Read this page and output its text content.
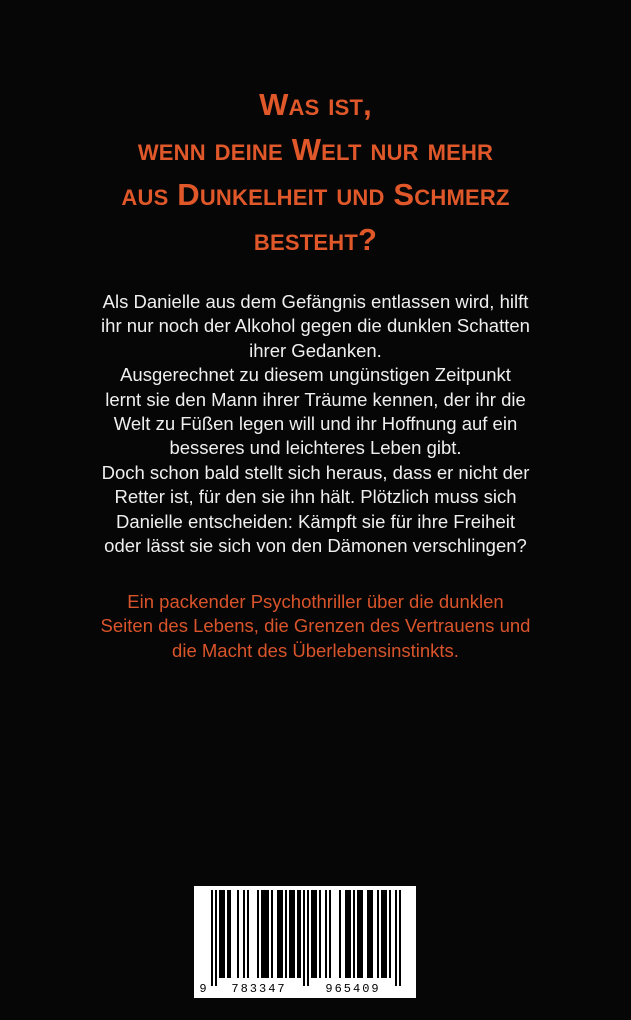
Was ist,
wenn deine Welt nur mehr
aus Dunkelheit und Schmerz
besteht?
Als Danielle aus dem Gefängnis entlassen wird, hilft
ihr nur noch der Alkohol gegen die dunklen Schatten
ihrer Gedanken.
Ausgerechnet zu diesem ungünstigen Zeitpunkt
lernt sie den Mann ihrer Träume kennen, der ihr die
Welt zu Füßen legen will und ihr Hoffnung auf ein
besseres und leichteres Leben gibt.
Doch schon bald stellt sich heraus, dass er nicht der
Retter ist, für den sie ihn hält. Plötzlich muss sich
Danielle entscheiden: Kämpft sie für ihre Freiheit
oder lässt sie sich von den Dämonen verschlingen?
Ein packender Psychothriller über die dunklen
Seiten des Lebens, die Grenzen des Vertrauens und
die Macht des Überlebensinstinkts.
9 783347	965409
